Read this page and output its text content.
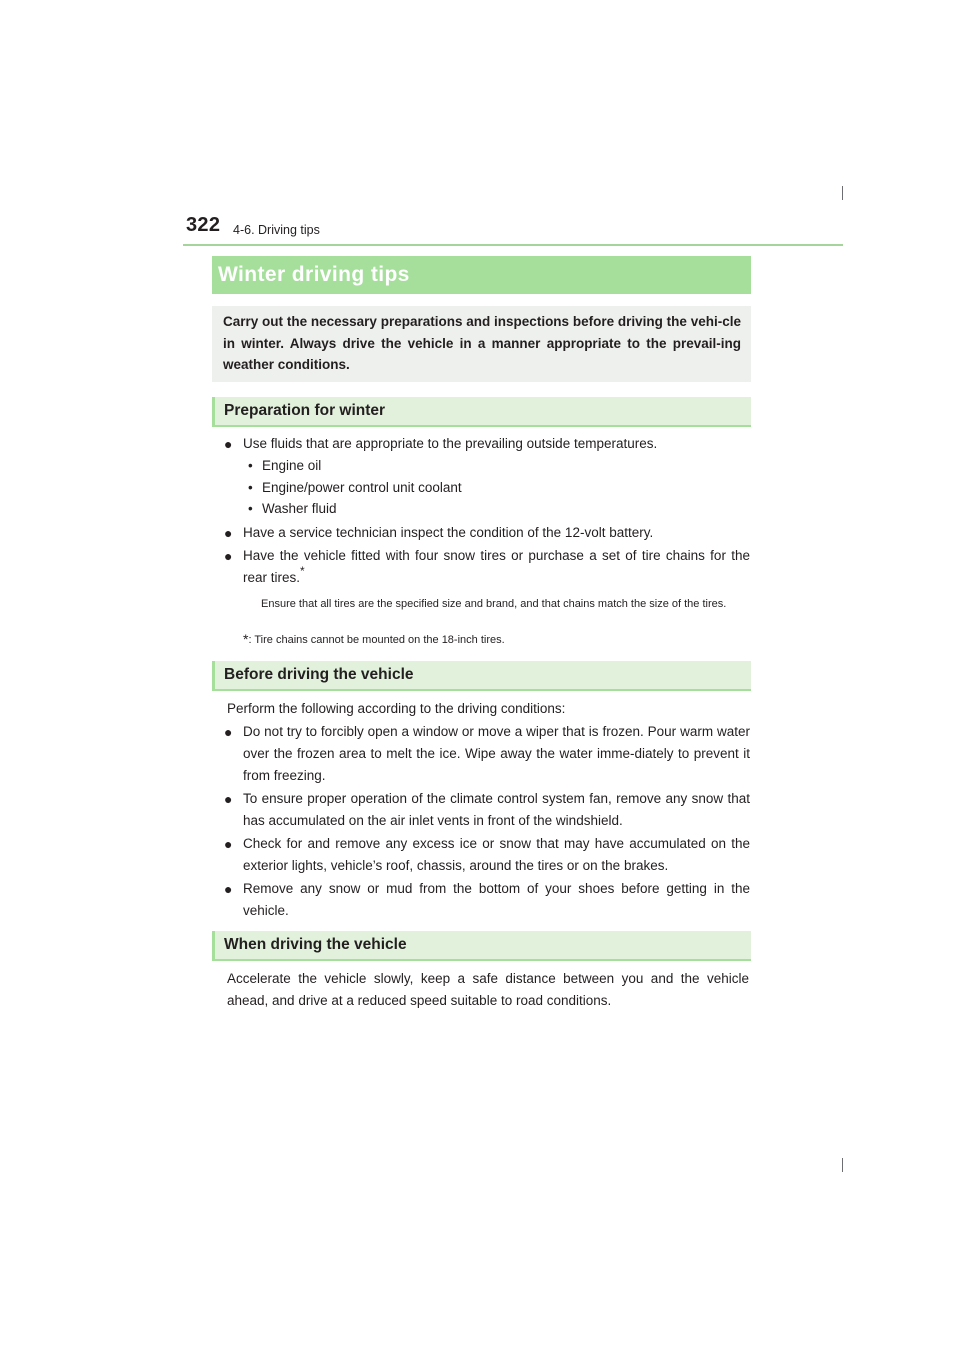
322 4-6. Driving tips
Winter driving tips
Carry out the necessary preparations and inspections before driving the vehi-cle in winter. Always drive the vehicle in a manner appropriate to the prevail-ing weather conditions.
Preparation for winter
● Use fluids that are appropriate to the prevailing outside temperatures.
• Engine oil
• Engine/power control unit coolant
• Washer fluid
● Have a service technician inspect the condition of the 12-volt battery.
● Have the vehicle fitted with four snow tires or purchase a set of tire chains for the rear tires.*
Ensure that all tires are the specified size and brand, and that chains match the size of the tires.
*: Tire chains cannot be mounted on the 18-inch tires.
Before driving the vehicle
Perform the following according to the driving conditions:
● Do not try to forcibly open a window or move a wiper that is frozen. Pour warm water over the frozen area to melt the ice. Wipe away the water imme-diately to prevent it from freezing.
● To ensure proper operation of the climate control system fan, remove any snow that has accumulated on the air inlet vents in front of the windshield.
● Check for and remove any excess ice or snow that may have accumulated on the exterior lights, vehicle’s roof, chassis, around the tires or on the brakes.
● Remove any snow or mud from the bottom of your shoes before getting in the vehicle.
When driving the vehicle
Accelerate the vehicle slowly, keep a safe distance between you and the vehicle ahead, and drive at a reduced speed suitable to road conditions.
